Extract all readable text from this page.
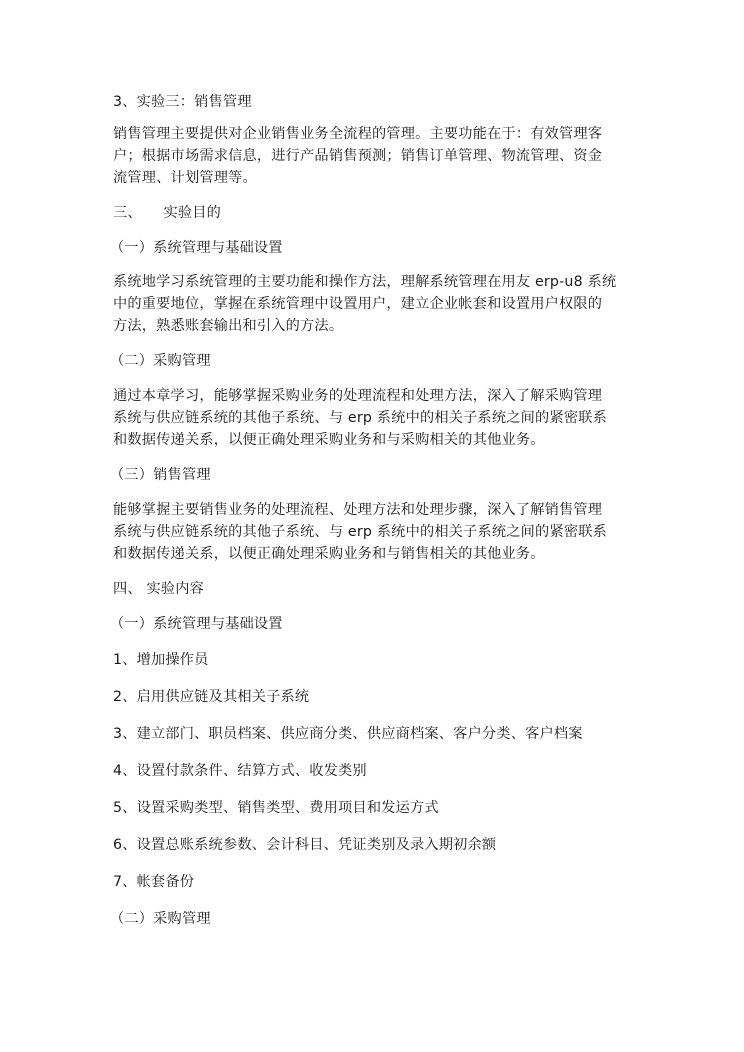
3、实验三：销售管理
销售管理主要提供对企业销售业务全流程的管理。主要功能在于：有效管理客
户；根据市场需求信息，进行产品销售预测；销售订单管理、物流管理、资金
流管理、计划管理等。
三、　　实验目的
（一）系统管理与基础设置
系统地学习系统管理的主要功能和操作方法，理解系统管理在用友 erp-u8 系统
中的重要地位，掌握在系统管理中设置用户，建立企业帐套和设置用户权限的
方法，熟悉账套输出和引入的方法。
（二）采购管理
通过本章学习，能够掌握采购业务的处理流程和处理方法，深入了解采购管理
系统与供应链系统的其他子系统、与 erp 系统中的相关子系统之间的紧密联系
和数据传递关系，以便正确处理采购业务和与采购相关的其他业务。
（三）销售管理
能够掌握主要销售业务的处理流程、处理方法和处理步骤，深入了解销售管理
系统与供应链系统的其他子系统、与 erp 系统中的相关子系统之间的紧密联系
和数据传递关系，以便正确处理采购业务和与销售相关的其他业务。
四、 实验内容
（一）系统管理与基础设置
1、增加操作员
2、启用供应链及其相关子系统
3、建立部门、职员档案、供应商分类、供应商档案、客户分类、客户档案
4、设置付款条件、结算方式、收发类别
5、设置采购类型、销售类型、费用项目和发运方式
6、设置总账系统参数、会计科目、凭证类别及录入期初余额
7、帐套备份
（二）采购管理
